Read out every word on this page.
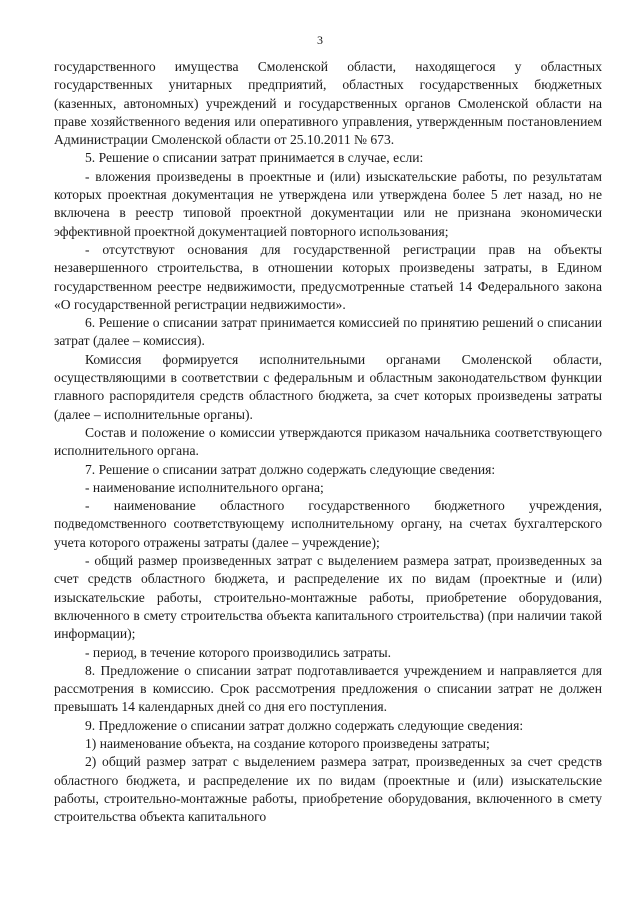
3

государственного имущества Смоленской области, находящегося у областных государственных унитарных предприятий, областных государственных бюджетных (казенных, автономных) учреждений и государственных органов Смоленской области на праве хозяйственного ведения или оперативного управления, утвержденным постановлением Администрации Смоленской области от 25.10.2011 № 673.

5. Решение о списании затрат принимается в случае, если:

- вложения произведены в проектные и (или) изыскательские работы, по результатам которых проектная документация не утверждена или утверждена более 5 лет назад, но не включена в реестр типовой проектной документации или не признана экономически эффективной проектной документацией повторного использования;

- отсутствуют основания для государственной регистрации прав на объекты незавершенного строительства, в отношении которых произведены затраты, в Едином государственном реестре недвижимости, предусмотренные статьей 14 Федерального закона «О государственной регистрации недвижимости».

6. Решение о списании затрат принимается комиссией по принятию решений о списании затрат (далее – комиссия).

Комиссия формируется исполнительными органами Смоленской области, осуществляющими в соответствии с федеральным и областным законодательством функции главного распорядителя средств областного бюджета, за счет которых произведены затраты (далее – исполнительные органы).

Состав и положение о комиссии утверждаются приказом начальника соответствующего исполнительного органа.

7. Решение о списании затрат должно содержать следующие сведения:

- наименование исполнительного органа;

- наименование областного государственного бюджетного учреждения, подведомственного соответствующему исполнительному органу, на счетах бухгалтерского учета которого отражены затраты (далее – учреждение);

- общий размер произведенных затрат с выделением размера затрат, произведенных за счет средств областного бюджета, и распределение их по видам (проектные и (или) изыскательские работы, строительно-монтажные работы, приобретение оборудования, включенного в смету строительства объекта капитального строительства) (при наличии такой информации);

- период, в течение которого производились затраты.

8. Предложение о списании затрат подготавливается учреждением и направляется для рассмотрения в комиссию. Срок рассмотрения предложения о списании затрат не должен превышать 14 календарных дней со дня его поступления.

9. Предложение о списании затрат должно содержать следующие сведения:

1) наименование объекта, на создание которого произведены затраты;

2) общий размер затрат с выделением размера затрат, произведенных за счет средств областного бюджета, и распределение их по видам (проектные и (или) изыскательские работы, строительно-монтажные работы, приобретение оборудования, включенного в смету строительства объекта капитального
